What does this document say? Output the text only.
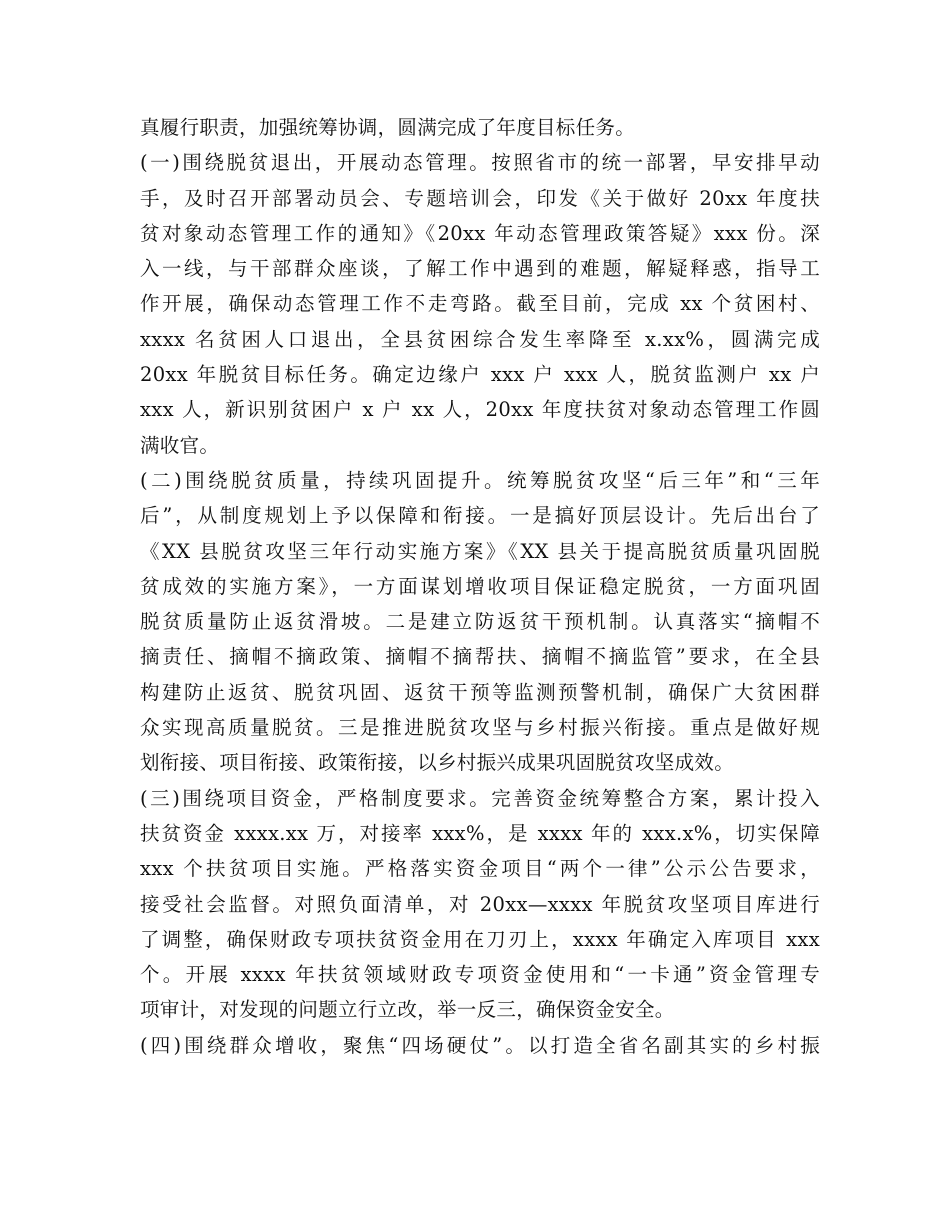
真履行职责，加强统筹协调，圆满完成了年度目标任务。
(一)围绕脱贫退出，开展动态管理。按照省市的统一部署，早安排早动
手，及时召开部署动员会、专题培训会，印发《关于做好 20xx 年度扶
贫对象动态管理工作的通知》《20xx 年动态管理政策答疑》xxx 份。深
入一线，与干部群众座谈，了解工作中遇到的难题，解疑释惑，指导工
作开展，确保动态管理工作不走弯路。截至目前，完成 xx 个贫困村、
xxxx 名贫困人口退出，全县贫困综合发生率降至 x.xx%，圆满完成
20xx 年脱贫目标任务。确定边缘户 xxx 户 xxx 人，脱贫监测户 xx 户
xxx 人，新识别贫困户 x 户 xx 人，20xx 年度扶贫对象动态管理工作圆
满收官。
(二)围绕脱贫质量，持续巩固提升。统筹脱贫攻坚“后三年”和“三年
后”，从制度规划上予以保障和衔接。一是搞好顶层设计。先后出台了
《XX 县脱贫攻坚三年行动实施方案》《XX 县关于提高脱贫质量巩固脱
贫成效的实施方案》，一方面谋划增收项目保证稳定脱贫，一方面巩固
脱贫质量防止返贫滑坡。二是建立防返贫干预机制。认真落实“摘帽不
摘责任、摘帽不摘政策、摘帽不摘帮扶、摘帽不摘监管”要求，在全县
构建防止返贫、脱贫巩固、返贫干预等监测预警机制，确保广大贫困群
众实现高质量脱贫。三是推进脱贫攻坚与乡村振兴衔接。重点是做好规
划衔接、项目衔接、政策衔接，以乡村振兴成果巩固脱贫攻坚成效。
(三)围绕项目资金，严格制度要求。完善资金统筹整合方案，累计投入
扶贫资金 xxxx.xx 万，对接率 xxx%，是 xxxx 年的 xxx.x%，切实保障
xxx 个扶贫项目实施。严格落实资金项目“两个一律”公示公告要求，
接受社会监督。对照负面清单，对 20xx—xxxx 年脱贫攻坚项目库进行
了调整，确保财政专项扶贫资金用在刀刃上，xxxx 年确定入库项目 xxx
个。开展 xxxx 年扶贫领域财政专项资金使用和“一卡通”资金管理专
项审计，对发现的问题立行立改，举一反三，确保资金安全。
(四)围绕群众增收，聚焦“四场硬仗”。以打造全省名副其实的乡村振
